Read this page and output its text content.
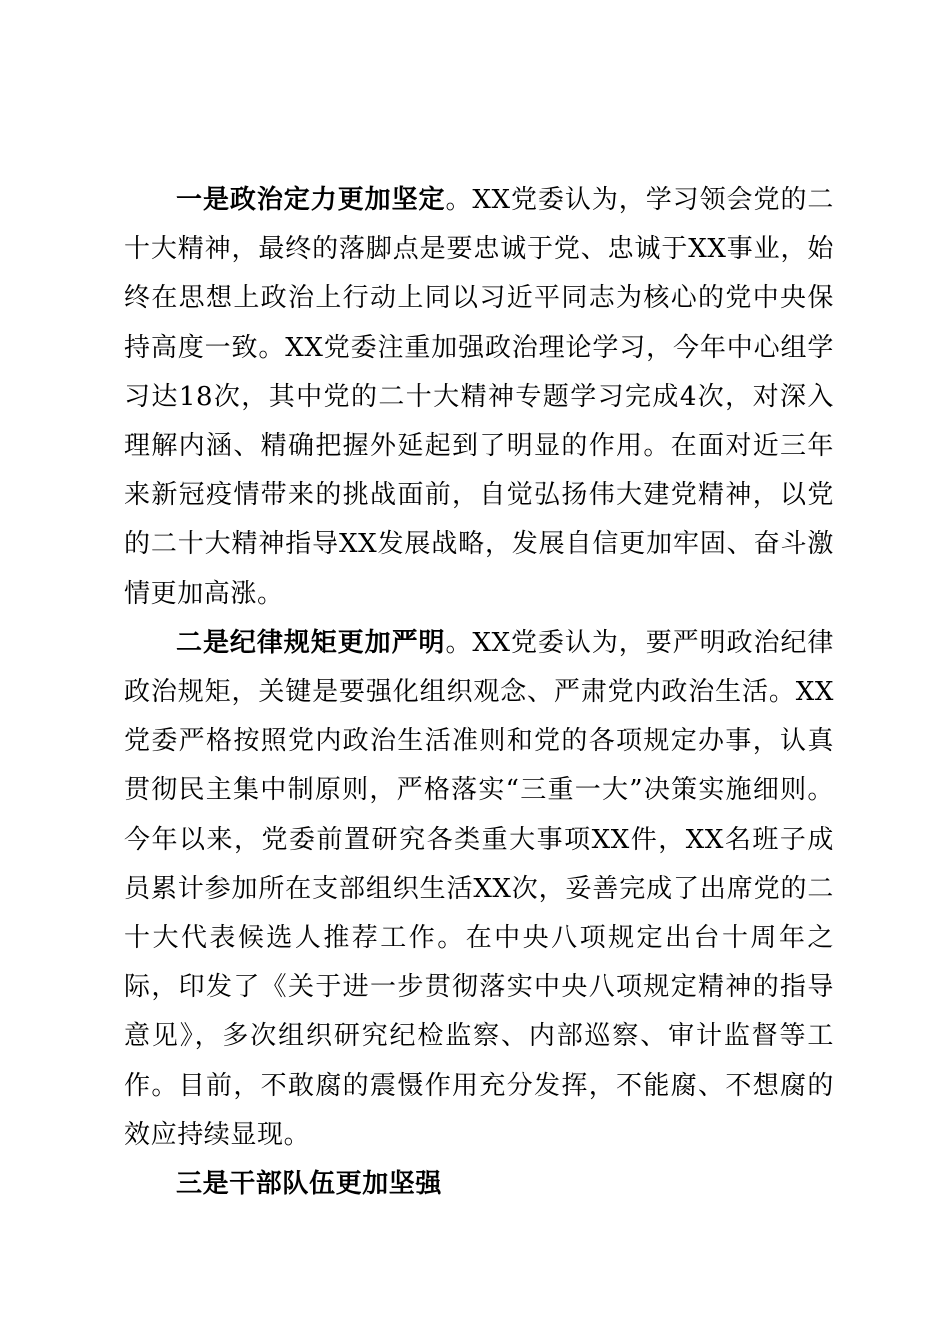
一是政治定力更加坚定。XX党委认为，学习领会党的二十大精神，最终的落脚点是要忠诚于党、忠诚于XX事业，始终在思想上政治上行动上同以习近平同志为核心的党中央保持高度一致。XX党委注重加强政治理论学习，今年中心组学习达18次，其中党的二十大精神专题学习完成4次，对深入理解内涵、精确把握外延起到了明显的作用。在面对近三年来新冠疫情带来的挑战面前，自觉弘扬伟大建党精神，以党的二十大精神指导XX发展战略，发展自信更加牢固、奋斗激情更加高涨。

二是纪律规矩更加严明。XX党委认为，要严明政治纪律政治规矩，关键是要强化组织观念、严肃党内政治生活。XX党委严格按照党内政治生活准则和党的各项规定办事，认真贯彻民主集中制原则，严格落实“三重一大”决策实施细则。今年以来，党委前置研究各类重大事项XX件，XX名班子成员累计参加所在支部组织生活XX次，妥善完成了出席党的二十大代表候选人推荐工作。在中央八项规定出台十周年之际，印发了《关于进一步贯彻落实中央八项规定精神的指导意见》，多次组织研究纪检监察、内部巡察、审计监督等工作。目前，不敢腐的震慑作用充分发挥，不能腐、不想腐的效应持续显现。

三是干部队伍更加坚强
